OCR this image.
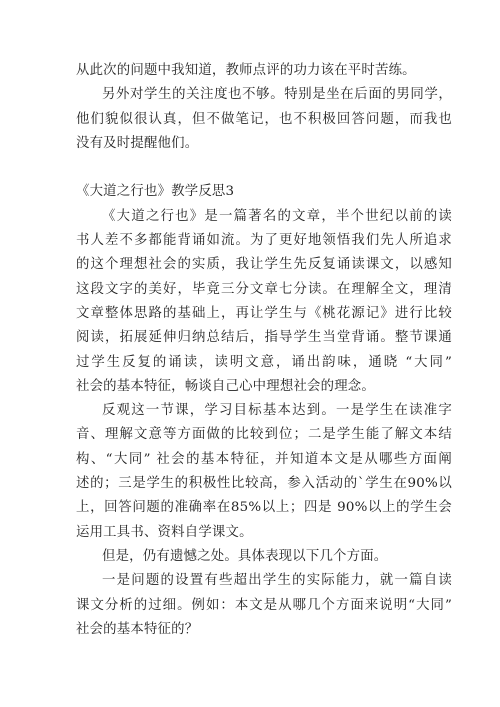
从此次的问题中我知道，教师点评的功力该在平时苦练。
另外对学生的关注度也不够。特别是坐在后面的男同学，
他们貌似很认真，但不做笔记，也不积极回答问题，而我也
没有及时提醒他们。
《大道之行也》教学反思3
《大道之行也》是一篇著名的文章，半个世纪以前的读
书人差不多都能背诵如流。为了更好地领悟我们先人所追求
的这个理想社会的实质，我让学生先反复诵读课文，以感知
这段文字的美好，毕竟三分文章七分读。在理解全文，理清
文章整体思路的基础上，再让学生与《桃花源记》进行比较
阅读，拓展延伸归纳总结后，指导学生当堂背诵。整节课通
过学生反复的诵读，读明文意，诵出韵味，通晓 “大同”
社会的基本特征，畅谈自己心中理想社会的理念。
反观这一节课，学习目标基本达到。一是学生在读准字
音、理解文意等方面做的比较到位；二是学生能了解文本结
构、“大同” 社会的基本特征，并知道本文是从哪些方面阐
述的；三是学生的积极性比较高，参入活动的`学生在90%以
上，回答问题的准确率在85%以上；四是 90%以上的学生会
运用工具书、资料自学课文。
但是，仍有遗憾之处。具体表现以下几个方面。
一是问题的设置有些超出学生的实际能力，就一篇自读
课文分析的过细。例如：本文是从哪几个方面来说明“大同”
社会的基本特征的？
